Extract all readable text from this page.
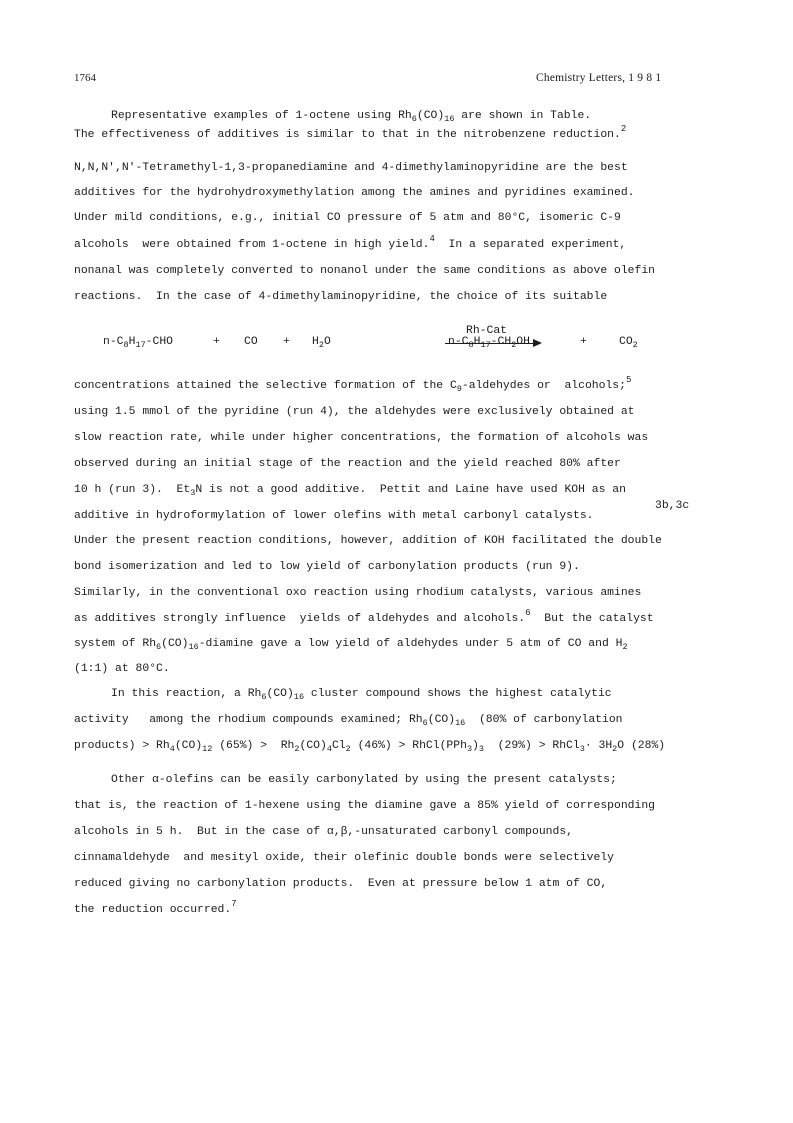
1764	Chemistry Letters, 1 9 8 1
Representative examples of 1-octene using $Rh_6(CO)_{16}$ are shown in Table.
The effectiveness of additives is similar to that in the nitrobenzene reduction.$^2$
N,N,N',N'-Tetramethyl-1,3-propanediamine and 4-dimethylaminopyridine are the best
additives for the hydrohydroxymethylation among the amines and pyridines examined.
Under mild conditions, e.g., initial CO pressure of 5 atm and 80°C, isomeric C-9
alcohols  were obtained from 1-octene in high yield.$^4$  In a separated experiment,
nonanal was completely converted to nonanol under the same conditions as above olefin
reactions.  In the case of 4-dimethylaminopyridine, the choice of its suitable
$n-C_8H_{17}$-CHO	+ CO + $H_2O$
Rh-Cat
$n-C_8H_{17}-CH_2OH$	+	$CO_2$
concentrations attained the selective formation of the $C_9$-aldehydes or  alcohols;$^5$
using 1.5 mmol of the pyridine (run 4), the aldehydes were exclusively obtained at
slow reaction rate, while under higher concentrations, the formation of alcohols was
observed during an initial stage of the reaction and the yield reached 80% after
10 h (run 3).  $Et_3N$ is not a good additive.  Pettit and Laine have used KOH as an
3b,3c
additive in hydroformylation of lower olefins with metal carbonyl catalysts.
Under the present reaction conditions, however, addition of KOH facilitated the double
bond isomerization and led to low yield of carbonylation products (run 9).
Similarly, in the conventional oxo reaction using rhodium catalysts, various amines
as additives strongly influence  yields of aldehydes and alcohols.$^6$  But the catalyst
system of $Rh_6(CO)_{16}$-diamine gave a low yield of aldehydes under 5 atm of CO and $H_2$
(1:1) at 80°C.
In this reaction, a $Rh_6(CO)_{16}$ cluster compound shows the highest catalytic
activity   among the rhodium compounds examined; $Rh_6(CO)_{16}$  (80% of carbonylation
products) > $Rh_4(CO)_{12}$ $(65\%) > Rh_2(CO)_4Cl_2$ $(46\%) > RhCl(PPh_3)_3$  (29%) > RhCl$_3$· $3H_2O$ (28%)
Other α-olefins can be easily carbonylated by using the present catalysts;
that is, the reaction of 1-hexene using the diamine gave a 85% yield of corresponding
alcohols in 5 h.  But in the case of α,β,-unsaturated carbonyl compounds,
cinnamaldehyde  and mesityl oxide, their olefinic double bonds were selectively
reduced giving no carbonylation products.  Even at pressure below 1 atm of CO,
the reduction occurred.$^7$
